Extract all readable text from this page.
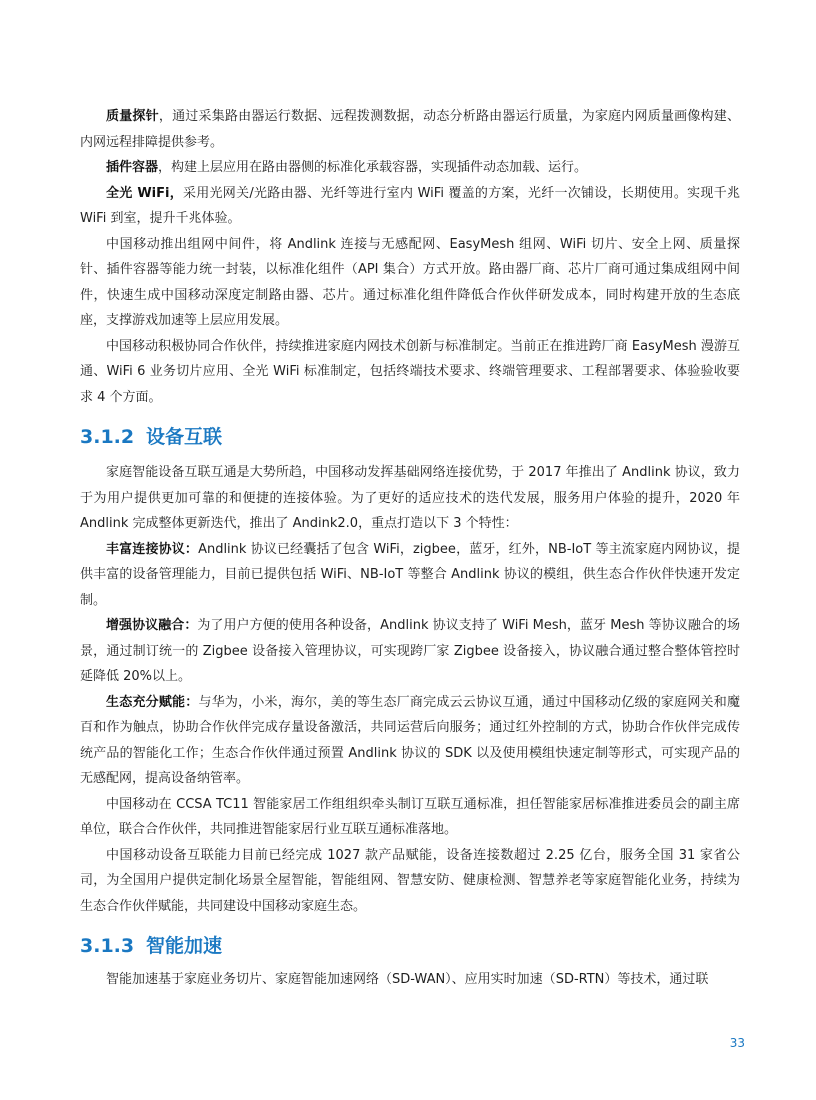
质量探针，通过采集路由器运行数据、远程拨测数据，动态分析路由器运行质量，为家庭内网质量画像构建、内网远程排障提供参考。

插件容器，构建上层应用在路由器侧的标准化承载容器，实现插件动态加载、运行。

全光 WiFi，采用光网关/光路由器、光纤等进行室内 WiFi 覆盖的方案，光纤一次铺设，长期使用。实现千兆 WiFi 到室，提升千兆体验。

中国移动推出组网中间件，将 Andlink 连接与无感配网、EasyMesh 组网、WiFi 切片、安全上网、质量探针、插件容器等能力统一封装，以标准化组件（API 集合）方式开放。路由器厂商、芯片厂商可通过集成组网中间件，快速生成中国移动深度定制路由器、芯片。通过标准化组件降低合作伙伴研发成本，同时构建开放的生态底座，支撑游戏加速等上层应用发展。

中国移动积极协同合作伙伴，持续推进家庭内网技术创新与标准制定。当前正在推进跨厂商 EasyMesh 漫游互通、WiFi 6 业务切片应用、全光 WiFi 标准制定，包括终端技术要求、终端管理要求、工程部署要求、体验验收要求 4 个方面。

3.1.2 设备互联

家庭智能设备互联互通是大势所趋，中国移动发挥基础网络连接优势，于 2017 年推出了 Andlink 协议，致力于为用户提供更加可靠的和便捷的连接体验。为了更好的适应技术的迭代发展，服务用户体验的提升，2020 年 Andlink 完成整体更新迭代，推出了 Andink2.0，重点打造以下 3 个特性：

丰富连接协议：Andlink 协议已经囊括了包含 WiFi，zigbee，蓝牙，红外，NB-IoT 等主流家庭内网协议，提供丰富的设备管理能力，目前已提供包括 WiFi、NB-IoT 等整合 Andlink 协议的模组，供生态合作伙伴快速开发定制。

增强协议融合：为了用户方便的使用各种设备，Andlink 协议支持了 WiFi Mesh，蓝牙 Mesh 等协议融合的场景，通过制订统一的 Zigbee 设备接入管理协议，可实现跨厂家 Zigbee 设备接入，协议融合通过整合整体管控时延降低 20%以上。

生态充分赋能：与华为，小米，海尔，美的等生态厂商完成云云协议互通，通过中国移动亿级的家庭网关和魔百和作为触点，协助合作伙伴完成存量设备激活，共同运营后向服务；通过红外控制的方式，协助合作伙伴完成传统产品的智能化工作；生态合作伙伴通过预置 Andlink 协议的 SDK 以及使用模组快速定制等形式，可实现产品的无感配网，提高设备纳管率。

中国移动在 CCSA TC11 智能家居工作组组织牵头制订互联互通标准，担任智能家居标准推进委员会的副主席单位，联合合作伙伴，共同推进智能家居行业互联互通标准落地。

中国移动设备互联能力目前已经完成 1027 款产品赋能，设备连接数超过 2.25 亿台，服务全国 31 家省公司，为全国用户提供定制化场景全屋智能，智能组网、智慧安防、健康检测、智慧养老等家庭智能化业务，持续为生态合作伙伴赋能，共同建设中国移动家庭生态。

3.1.3 智能加速

智能加速基于家庭业务切片、家庭智能加速网络（SD-WAN）、应用实时加速（SD-RTN）等技术，通过联

33
